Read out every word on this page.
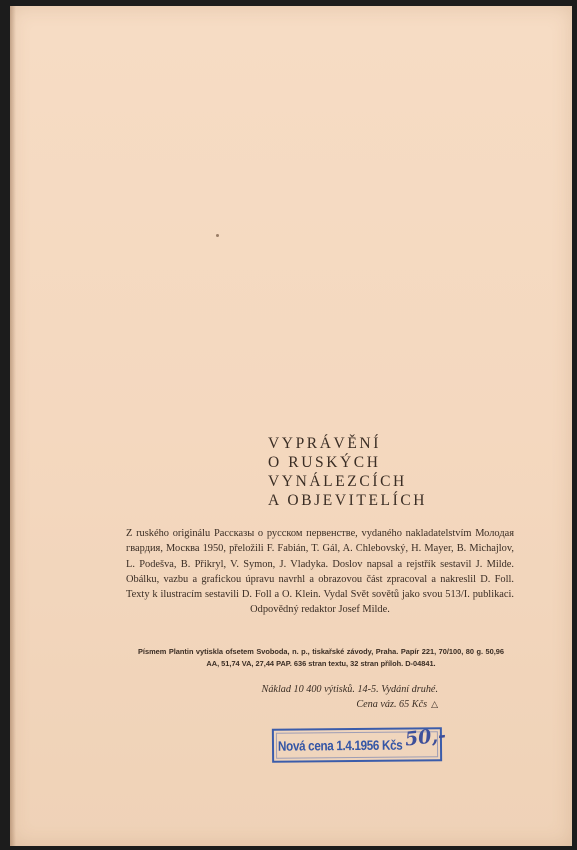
VYPRÁVĚNÍ

O RUSKÝCH

VYNÁLEZCÍCH

A OBJEVITELÍCH

Z ruského originálu Рассказы о русском первенстве, vydaného nakladatelstvím Молодая гвардия, Москва 1950, přeložili F. Fabián, T. Gál, A. Chlebovský, H. Mayer, B. Michajlov, L. Podešva, B. Přikryl, V. Symon, J. Vladyka. Doslov napsal a rejstřík sestavil J. Milde. Obálku, vazbu a grafickou úpravu navrhl a obrazovou část zpracoval a nakreslil D. Foll. Texty k ilustracím sestavili D. Foll a O. Klein. Vydal Svět sovětů jako svou 513/I. publikaci. Odpovědný redaktor Josef Milde.

Písmem Plantin vytiskla ofsetem Svoboda, n. p., tiskařské závody, Praha. Papír 221, 70/100, 80 g. 50,96 AA, 51,74 VA, 27,44 PAP. 636 stran textu, 32 stran příloh. D-04841.

Náklad 10 400 výtisků. 14-5. Vydání druhé.

Cena váz. 65 Kčs △

Nová cena 1.4.1956 Kčs 50,-
